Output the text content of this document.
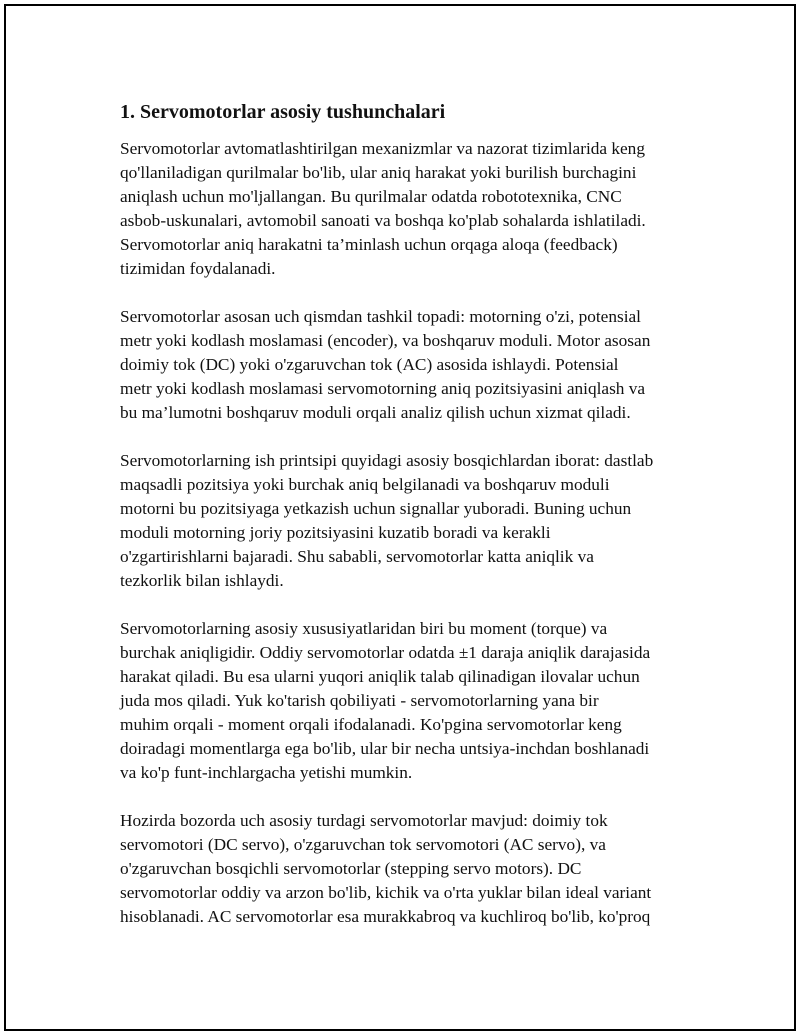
1. Servomotorlar asosiy tushunchalari

Servomotorlar avtomatlashtirilgan mexanizmlar va nazorat tizimlarida keng
qo'llaniladigan qurilmalar bo'lib, ular aniq harakat yoki burilish burchagini
aniqlash uchun mo'ljallangan. Bu qurilmalar odatda robototexnika, CNC
asbob-uskunalari, avtomobil sanoati va boshqa ko'plab sohalarda ishlatiladi.
Servomotorlar aniq harakatni ta’minlash uchun orqaga aloqa (feedback)
tizimidan foydalanadi.

Servomotorlar asosan uch qismdan tashkil topadi: motorning o'zi, potensial
metr yoki kodlash moslamasi (encoder), va boshqaruv moduli. Motor asosan
doimiy tok (DC) yoki o'zgaruvchan tok (AC) asosida ishlaydi. Potensial
metr yoki kodlash moslamasi servomotorning aniq pozitsiyasini aniqlash va
bu ma’lumotni boshqaruv moduli orqali analiz qilish uchun xizmat qiladi.

Servomotorlarning ish printsipi quyidagi asosiy bosqichlardan iborat: dastlab
maqsadli pozitsiya yoki burchak aniq belgilanadi va boshqaruv moduli
motorni bu pozitsiyaga yetkazish uchun signallar yuboradi. Buning uchun
moduli motorning joriy pozitsiyasini kuzatib boradi va kerakli
o'zgartirishlarni bajaradi. Shu sababli, servomotorlar katta aniqlik va
tezkorlik bilan ishlaydi.

Servomotorlarning asosiy xususiyatlaridan biri bu moment (torque) va
burchak aniqligidir. Oddiy servomotorlar odatda ±1 daraja aniqlik darajasida
harakat qiladi. Bu esa ularni yuqori aniqlik talab qilinadigan ilovalar uchun
juda mos qiladi. Yuk ko'tarish qobiliyati - servomotorlarning yana bir
muhim orqali - moment orqali ifodalanadi. Ko'pgina servomotorlar keng
doiradagi momentlarga ega bo'lib, ular bir necha untsiya-inchdan boshlanadi
va ko'p funt-inchlargacha yetishi mumkin.

Hozirda bozorda uch asosiy turdagi servomotorlar mavjud: doimiy tok
servomotori (DC servo), o'zgaruvchan tok servomotori (AC servo), va
o'zgaruvchan bosqichli servomotorlar (stepping servo motors). DC
servomotorlar oddiy va arzon bo'lib, kichik va o'rta yuklar bilan ideal variant
hisoblanadi. AC servomotorlar esa murakkabroq va kuchliroq bo'lib, ko'proq
